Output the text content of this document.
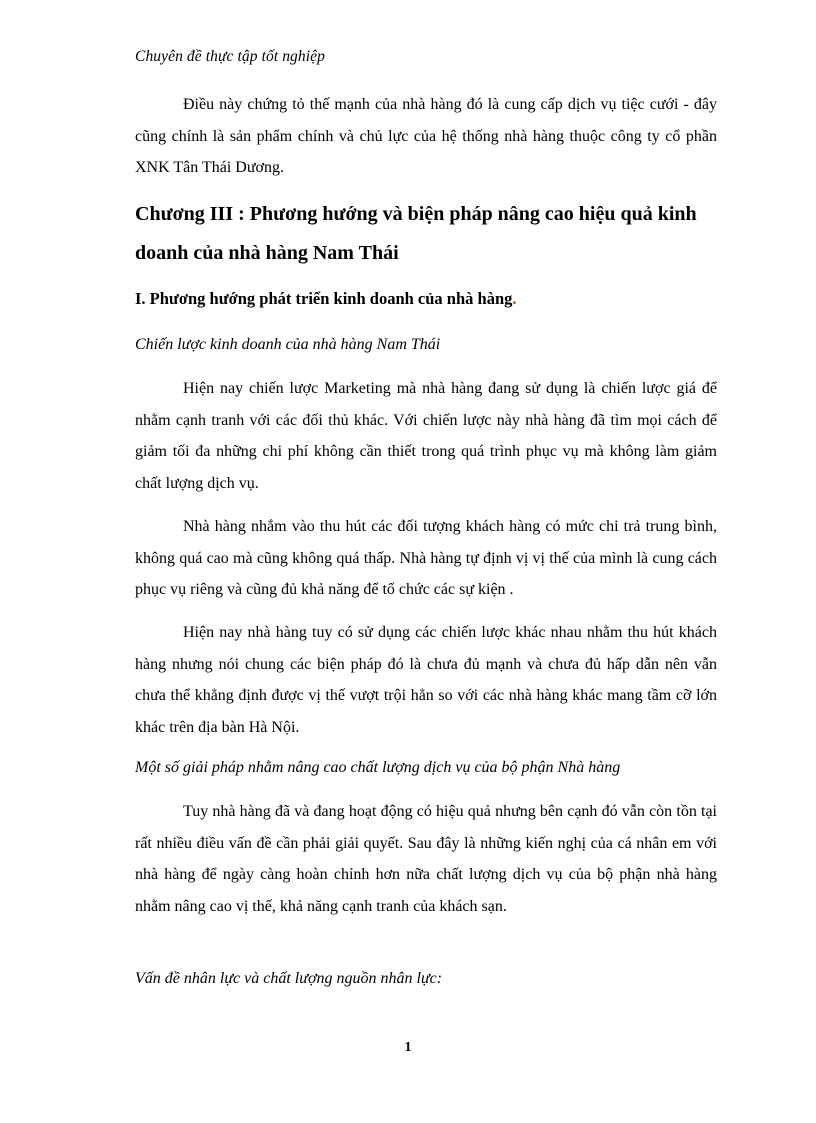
Chuyên đề thực tập tốt nghiệp

Điều này chứng tỏ thế mạnh của nhà hàng đó là cung cấp dịch vụ tiệc cưới - đây cũng chính là sản phẩm chính và chủ lực của hệ thống nhà hàng thuộc công ty cổ phần XNK Tân Thái Dương.

Chương III : Phương hướng và biện pháp nâng cao hiệu quả kinh doanh của nhà hàng Nam Thái
I. Phương hướng phát triển kinh doanh của nhà hàng.
Chiến lược kinh doanh của nhà hàng Nam Thái

Hiện nay chiến lược Marketing mà nhà hàng đang sử dụng là chiến lược giá để nhằm cạnh tranh với các đối thủ khác. Với chiến lược này nhà hàng đã tìm mọi cách để giảm tối đa những chi phí không cần thiết trong quá trình phục vụ mà không làm giảm chất lượng dịch vụ.

Nhà hàng nhắm vào thu hút các đối tượng khách hàng có mức chi trả trung bình, không quá cao mà cũng không quá thấp. Nhà hàng tự định vị vị thế của mình là cung cách phục vụ riêng và cũng đủ khả năng để tổ chức các sự kiện .

Hiện nay nhà hàng tuy có sử dụng các chiến lược khác nhau nhằm thu hút khách hàng nhưng nói chung các biện pháp đó là chưa đủ mạnh và chưa đủ hấp dẫn nên vẫn chưa thể khẳng định được vị thế vượt trội hẳn so với các nhà hàng khác mang tầm cỡ lớn khác trên địa bàn Hà Nội.

Một số giải pháp nhằm nâng cao chất lượng dịch vụ của bộ phận Nhà hàng

Tuy nhà hàng đã và đang hoạt động có hiệu quả nhưng bên cạnh đó vẫn còn tồn tại rất nhiều điều vấn đề cần phải giải quyết. Sau đây là những kiến nghị của cá nhân em với nhà hàng để ngày càng hoàn chỉnh hơn nữa chất lượng dịch vụ của bộ phận nhà hàng nhằm nâng cao vị thế, khả năng cạnh tranh của khách sạn.

Vấn đề nhân lực và chất lượng nguồn nhân lực:
1
